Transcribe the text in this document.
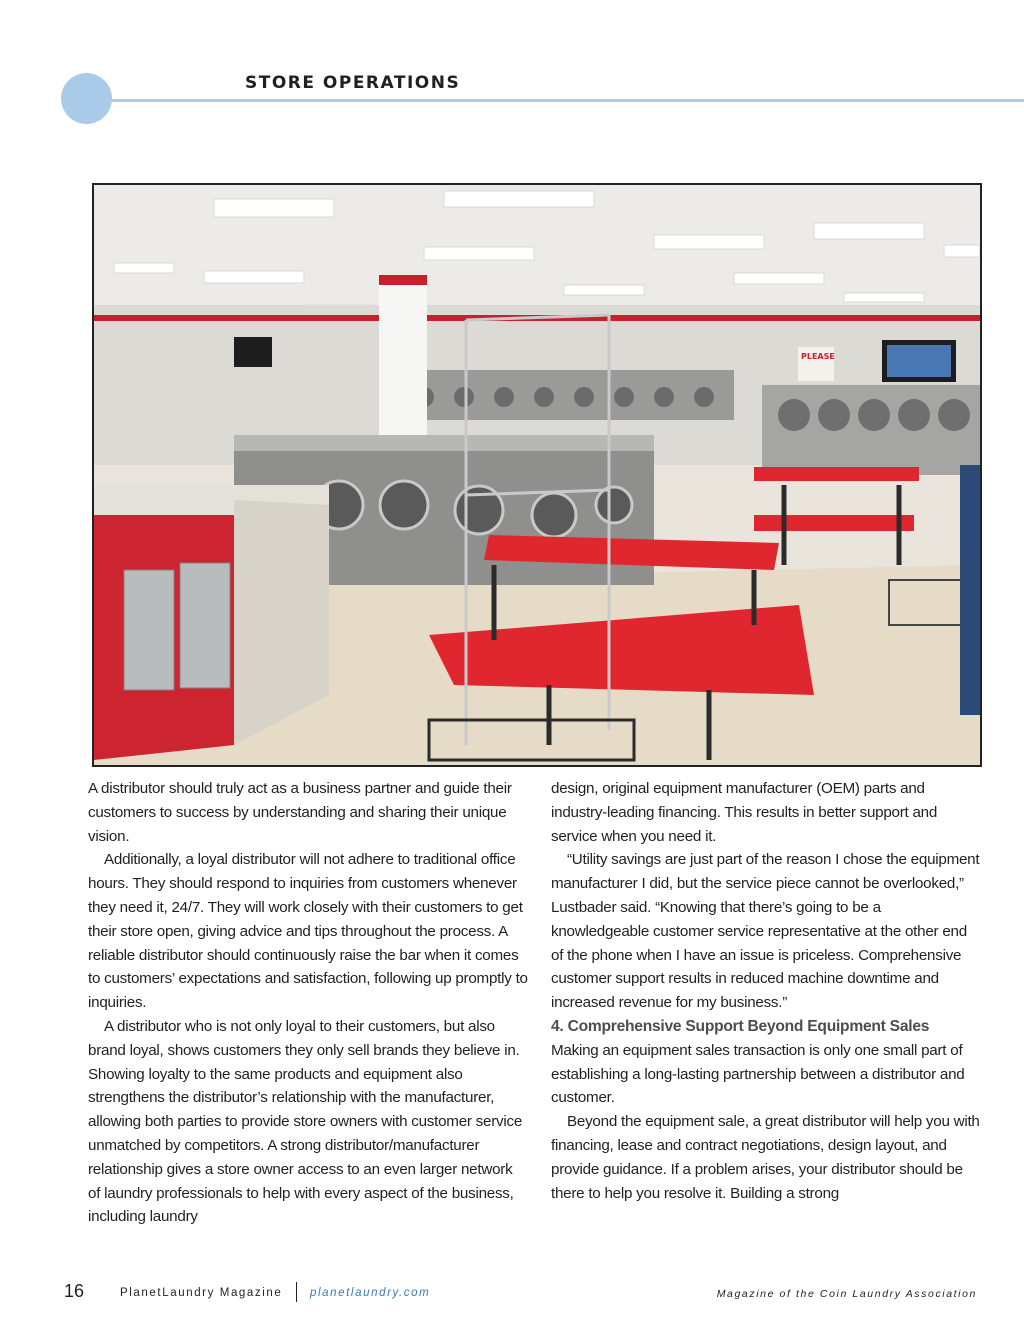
STORE OPERATIONS
PLEASE

A distributor should truly act as a business partner and guide their customers to success by understanding and sharing their unique vision.

Additionally, a loyal distributor will not adhere to traditional office hours. They should respond to inquiries from customers whenever they need it, 24/7. They will work closely with their customers to get their store open, giving advice and tips throughout the process. A reliable distributor should continuously raise the bar when it comes to customers’ expectations and satisfaction, following up promptly to inquiries.

A distributor who is not only loyal to their customers, but also brand loyal, shows customers they only sell brands they believe in. Showing loyalty to the same products and equipment also strengthens the distributor’s relationship with the manufacturer, allowing both parties to provide store owners with customer service unmatched by competitors. A strong distributor/manufacturer relationship gives a store owner access to an even larger network of laundry professionals to help with every aspect of the business, including laundry

design, original equipment manufacturer (OEM) parts and industry-leading financing. This results in better support and service when you need it.

“Utility savings are just part of the reason I chose the equipment manufacturer I did, but the service piece cannot be overlooked,” Lustbader said. “Knowing that there’s going to be a knowledgeable customer service representative at the other end of the phone when I have an issue is priceless. Comprehensive customer support results in reduced machine downtime and increased revenue for my business.”

4. Comprehensive Support Beyond Equipment Sales

Making an equipment sales transaction is only one small part of establishing a long-lasting partnership between a distributor and customer.

Beyond the equipment sale, a great distributor will help you with financing, lease and contract negotiations, design layout, and provide guidance. If a problem arises, your distributor should be there to help you resolve it. Building a strong

16	PlanetLaundry Magazine planetlaundry.com	Magazine of the Coin Laundry Association
